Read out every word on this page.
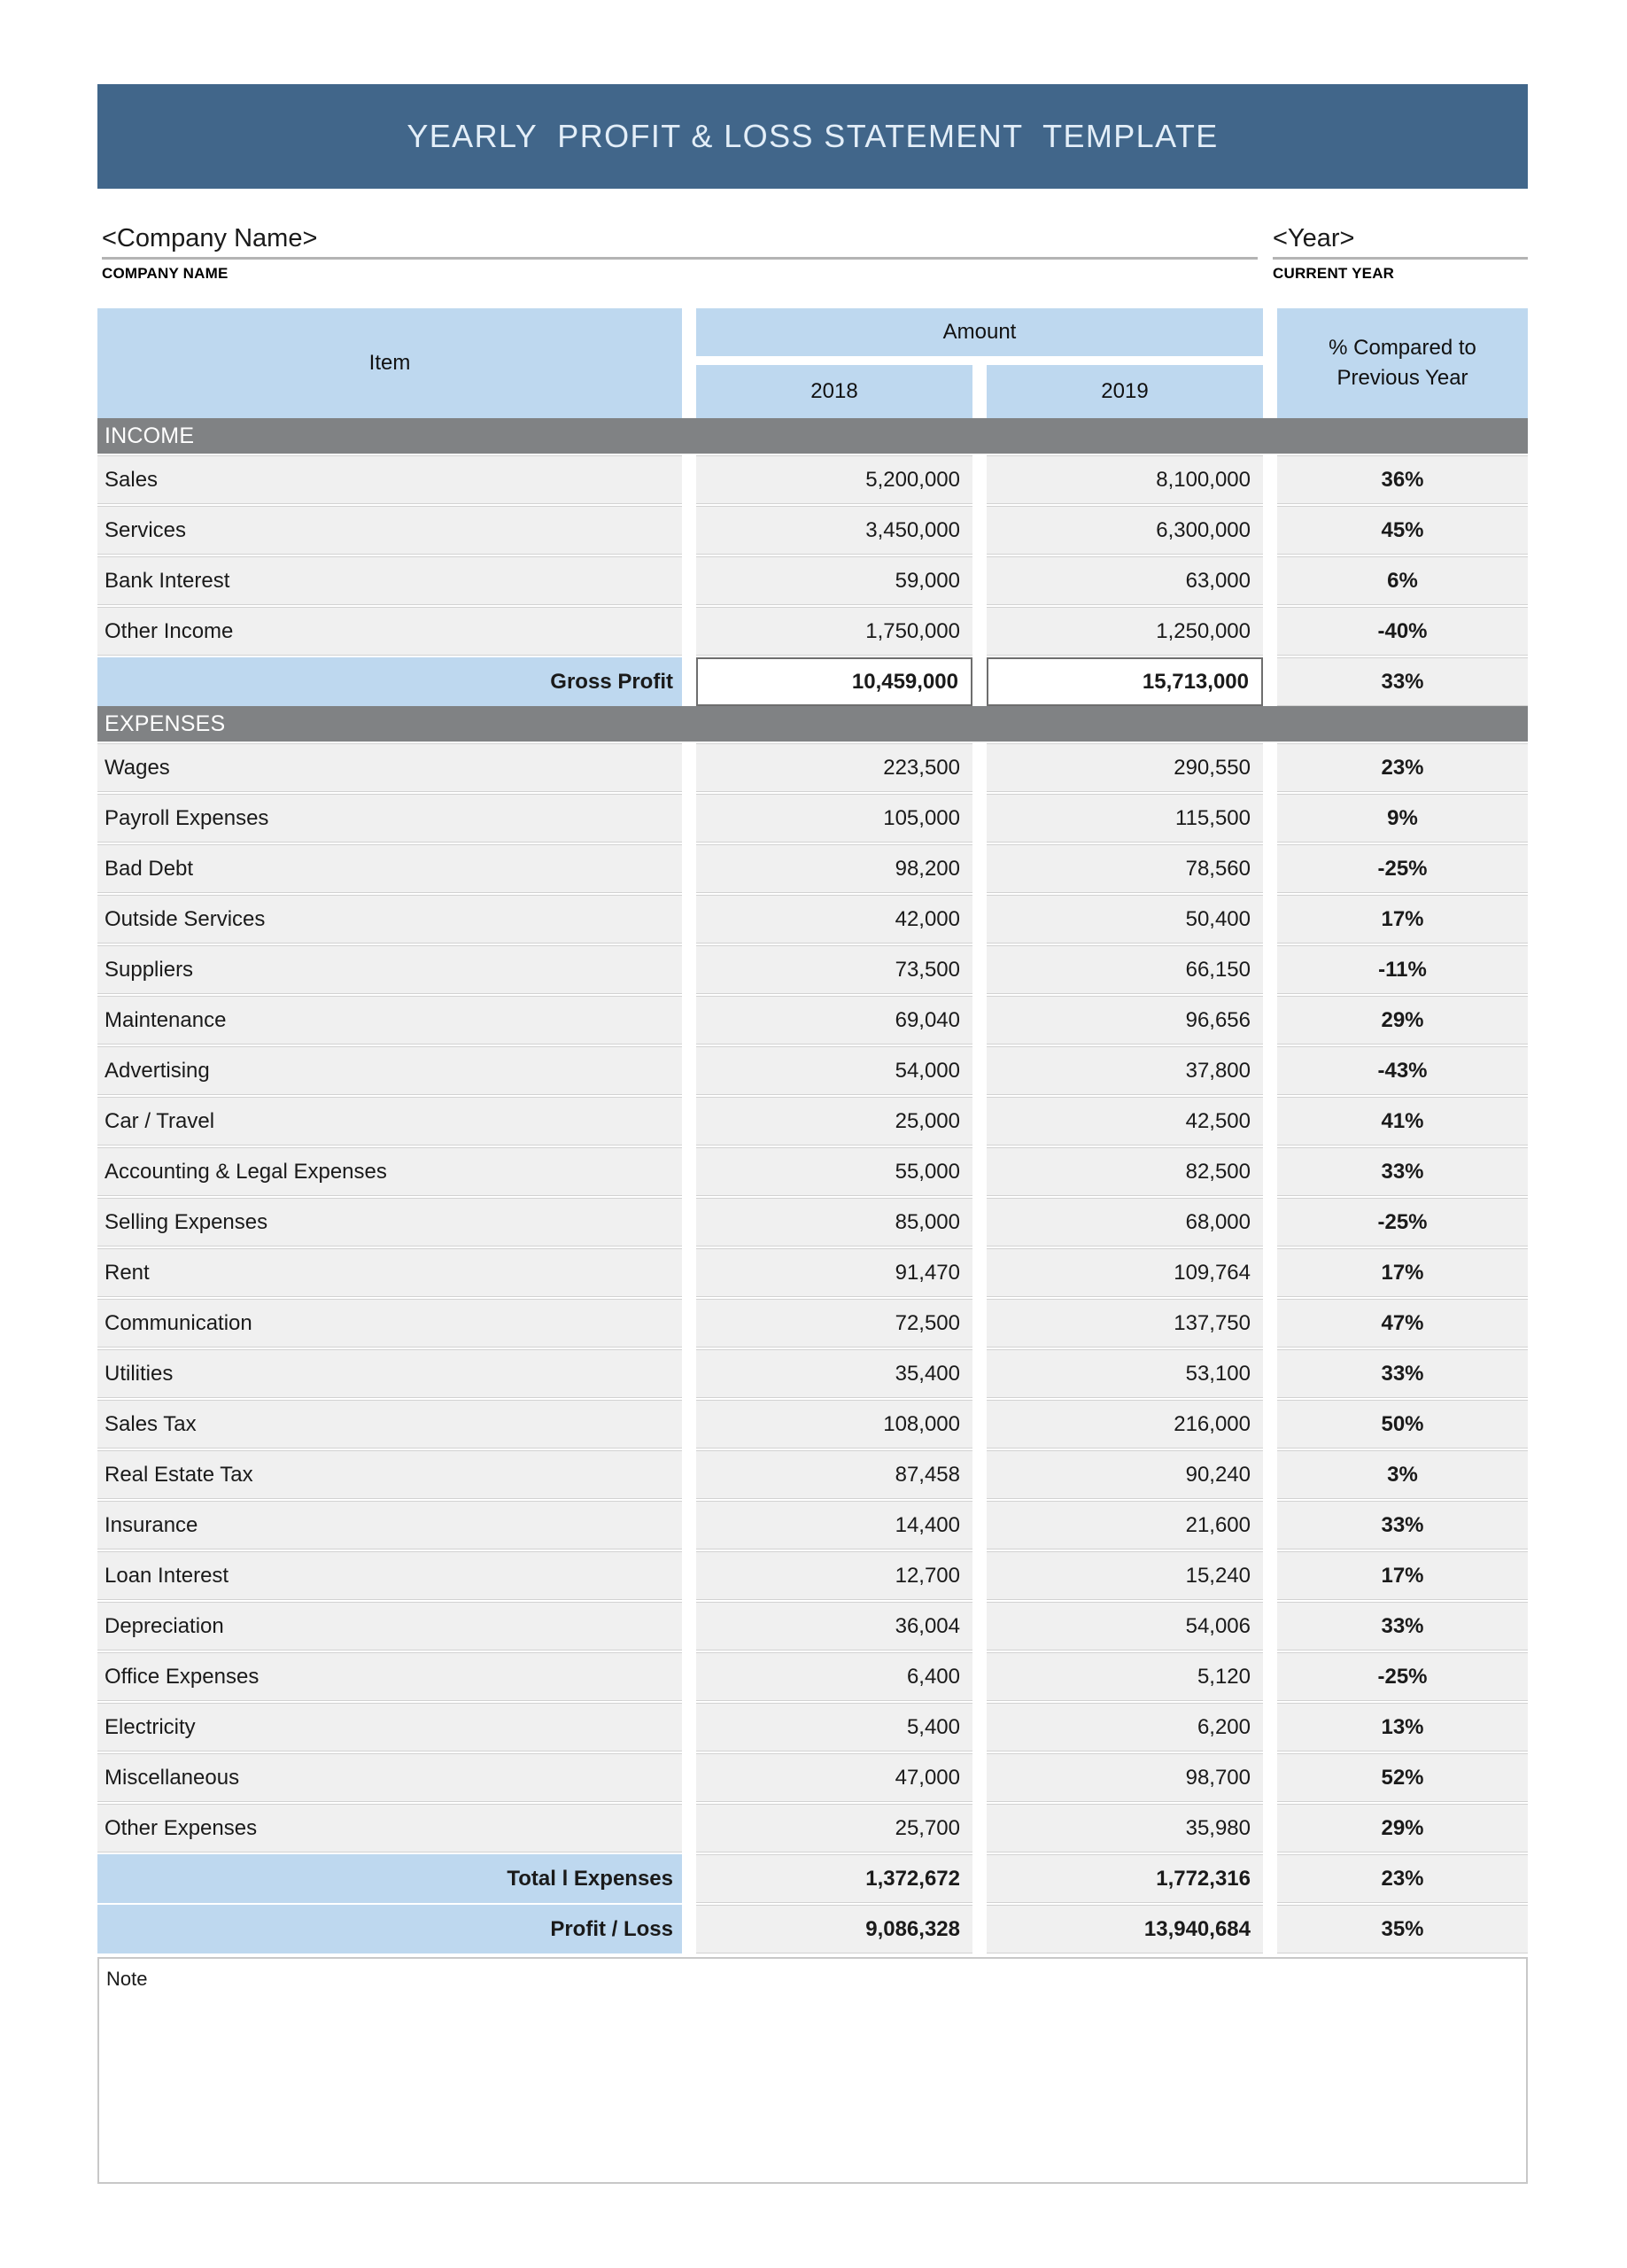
YEARLY  PROFIT & LOSS STATEMENT  TEMPLATE
<Company Name>
COMPANY NAME
<Year>
CURRENT YEAR
Item
Amount
2018	2019
% Compared to Previous Year
INCOME
Sales	5,200,000	8,100,000	36%
Services	3,450,000	6,300,000	45%
Bank Interest	59,000	63,000	6%
Other Income	1,750,000	1,250,000	-40%
Gross Profit	10,459,000	15,713,000	33%
EXPENSES
Wages	223,500	290,550	23%
Payroll Expenses	105,000	115,500	9%
Bad Debt	98,200	78,560	-25%
Outside Services	42,000	50,400	17%
Suppliers	73,500	66,150	-11%
Maintenance	69,040	96,656	29%
Advertising	54,000	37,800	-43%
Car / Travel	25,000	42,500	41%
Accounting & Legal Expenses	55,000	82,500	33%
Selling Expenses	85,000	68,000	-25%
Rent	91,470	109,764	17%
Communication	72,500	137,750	47%
Utilities	35,400	53,100	33%
Sales Tax	108,000	216,000	50%
Real Estate Tax	87,458	90,240	3%
Insurance	14,400	21,600	33%
Loan Interest	12,700	15,240	17%
Depreciation	36,004	54,006	33%
Office Expenses	6,400	5,120	-25%
Electricity	5,400	6,200	13%
Miscellaneous	47,000	98,700	52%
Other Expenses	25,700	35,980	29%
Total l Expenses	1,372,672	1,772,316	23%
Profit / Loss	9,086,328	13,940,684	35%
Note
